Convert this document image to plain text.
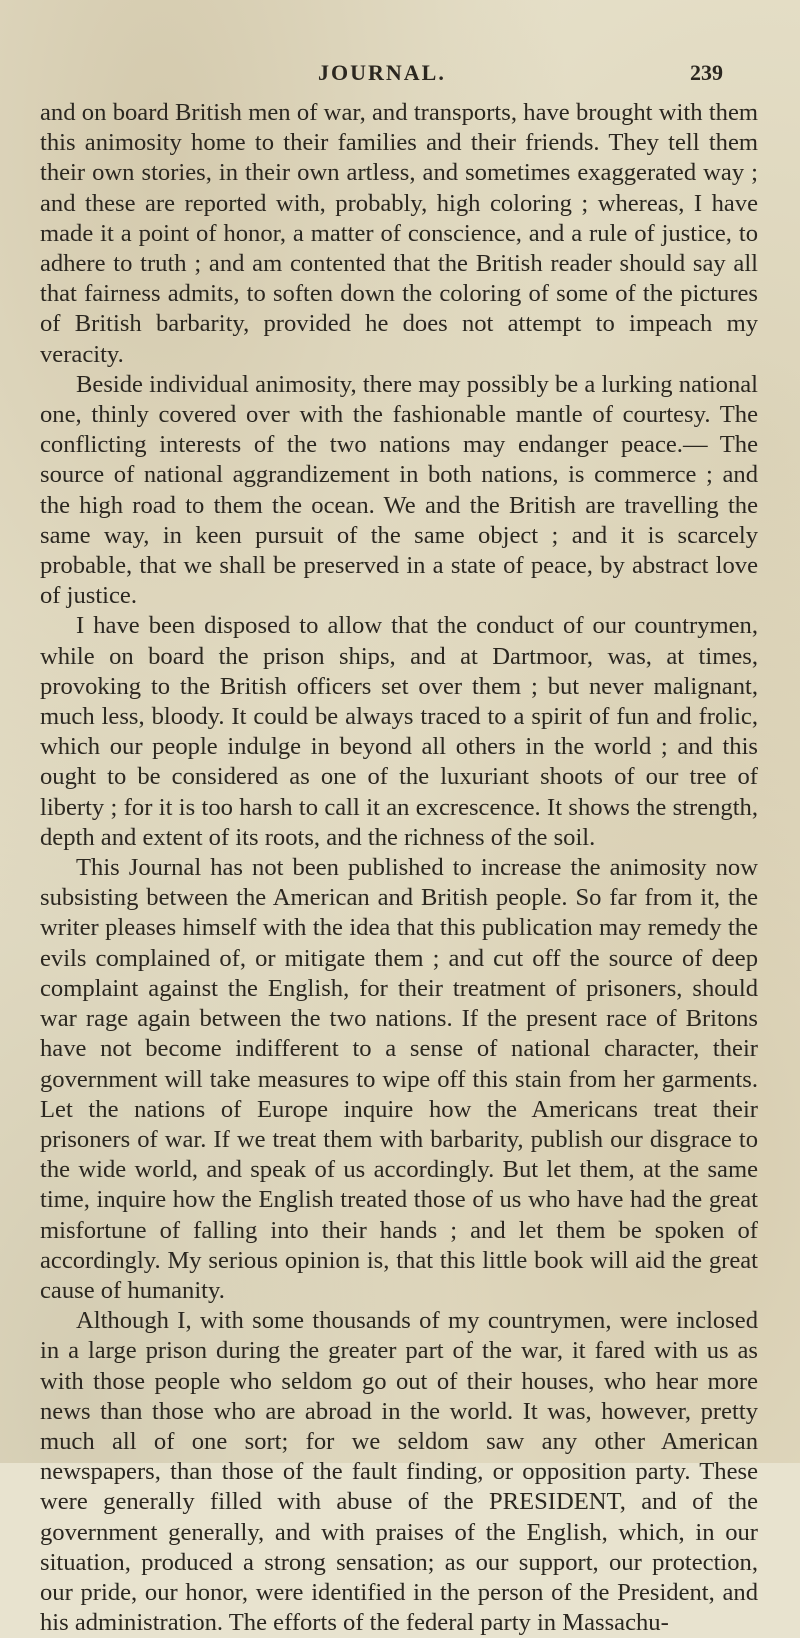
JOURNAL.	239

and on board British men of war, and transports, have brought with them this animosity home to their families and their friends. They tell them their own stories, in their own artless, and sometimes exaggerated way ; and these are reported with, probably, high coloring ; whereas, I have made it a point of honor, a matter of conscience, and a rule of justice, to adhere to truth ; and am contented that the British reader should say all that fairness admits, to soften down the coloring of some of the pictures of British barbarity, provided he does not attempt to impeach my veracity.

Beside individual animosity, there may possibly be a lurking national one, thinly covered over with the fashionable mantle of courtesy. The conflicting interests of the two nations may endanger peace.— The source of national aggrandizement in both nations, is commerce ; and the high road to them the ocean. We and the British are travelling the same way, in keen pursuit of the same object ; and it is scarcely probable, that we shall be preserved in a state of peace, by abstract love of justice.

I have been disposed to allow that the conduct of our countrymen, while on board the prison ships, and at Dartmoor, was, at times, provoking to the British officers set over them ; but never malignant, much less, bloody. It could be always traced to a spirit of fun and frolic, which our people indulge in beyond all others in the world ; and this ought to be considered as one of the luxuriant shoots of our tree of liberty ; for it is too harsh to call it an excrescence. It shows the strength, depth and extent of its roots, and the richness of the soil.

This Journal has not been published to increase the animosity now subsisting between the American and British people. So far from it, the writer pleases himself with the idea that this publication may remedy the evils complained of, or mitigate them ; and cut off the source of deep complaint against the English, for their treatment of prisoners, should war rage again between the two nations. If the present race of Britons have not become indifferent to a sense of national character, their government will take measures to wipe off this stain from her garments. Let the nations of Europe inquire how the Americans treat their prisoners of war. If we treat them with barbarity, publish our disgrace to the wide world, and speak of us accordingly. But let them, at the same time, inquire how the English treated those of us who have had the great misfortune of falling into their hands ; and let them be spoken of accordingly. My serious opinion is, that this little book will aid the great cause of humanity.

Although I, with some thousands of my countrymen, were inclosed in a large prison during the greater part of the war, it fared with us as with those people who seldom go out of their houses, who hear more news than those who are abroad in the world. It was, however, pretty much all of one sort; for we seldom saw any other American newspapers, than those of the fault finding, or opposition party. These were generally filled with abuse of the PRESIDENT, and of the government generally, and with praises of the English, which, in our situation, produced a strong sensation; as our support, our protection, our pride, our honor, were identified in the person of the President, and his administration. The efforts of the federal party in Massachu-
